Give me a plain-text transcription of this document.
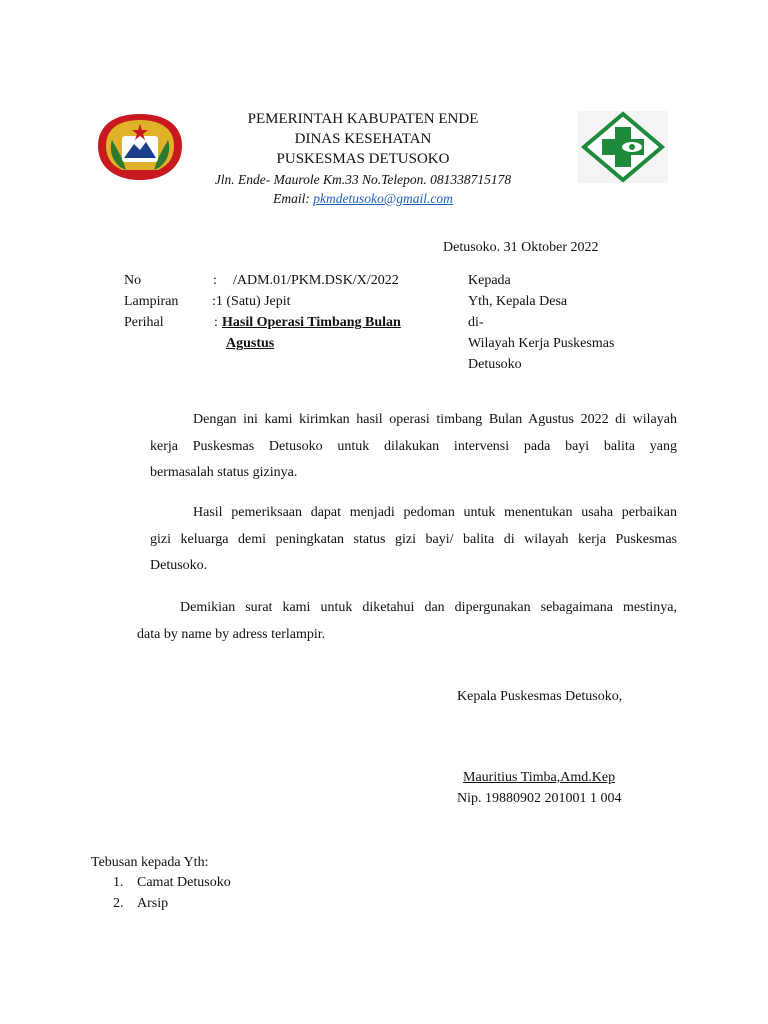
PEMERINTAH KABUPATEN ENDE
DINAS KESEHATAN
PUSKESMAS DETUSOKO
Jln. Ende- Maurole Km.33 No.Telepon. 081338715178
Email: pkmdetusoko@gmail.com
Detusoko. 31 Oktober 2022
No	: /ADM.01/PKM.DSK/X/2022
Lampiran :1 (Satu) Jepit
Perihal	: Hasil Operasi Timbang Bulan
Agustus
Kepada
Yth, Kepala Desa
di-
Wilayah Kerja Puskesmas
Detusoko
Dengan ini kami kirimkan hasil operasi timbang Bulan Agustus 2022 di wilayah
kerja Puskesmas Detusoko untuk dilakukan intervensi pada bayi balita yang
bermasalah status gizinya.
Hasil pemeriksaan dapat menjadi pedoman untuk menentukan usaha perbaikan
gizi keluarga demi peningkatan status gizi bayi/ balita di wilayah kerja Puskesmas
Detusoko.
Demikian surat kami untuk diketahui dan dipergunakan sebagaimana mestinya,
data by name by adress terlampir.
Kepala Puskesmas Detusoko,
Mauritius Timba,Amd.Kep
Nip. 19880902 201001 1 004
Tebusan kepada Yth:
1. Camat Detusoko
2. Arsip
